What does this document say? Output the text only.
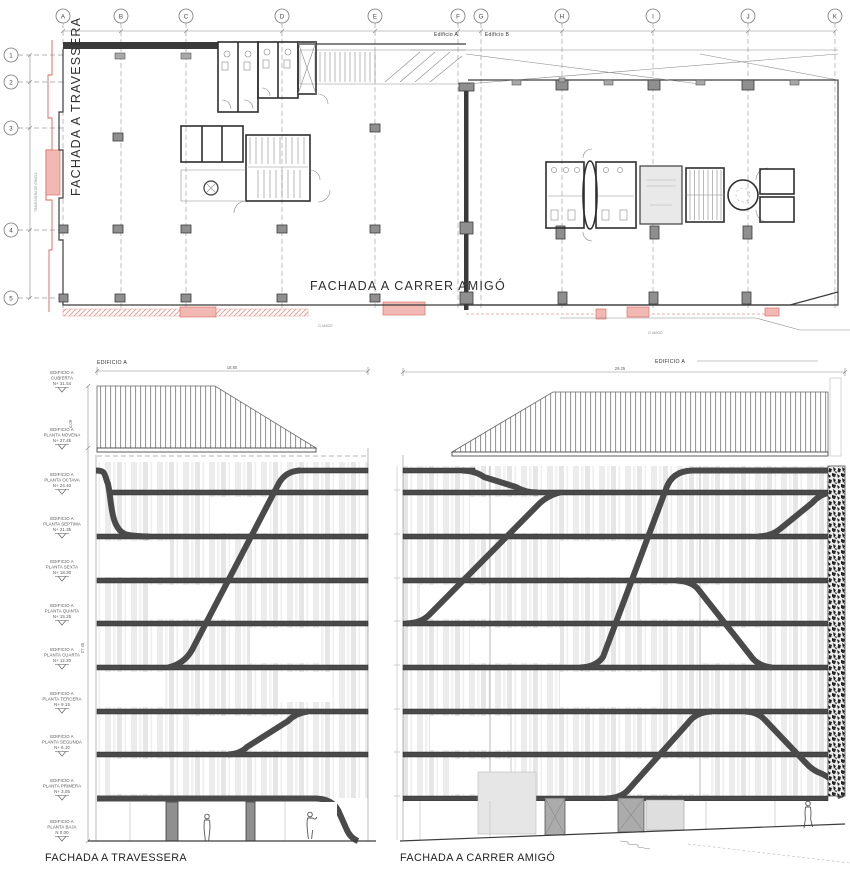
A	B	C	D	E	F	G	H	I	J	K
1
2
3
4
5
Edificio A	Edificio B
FACHADA A TRAVESSERA
FACHADA A CARRER AMIGÓ
TRAVESSERA DE GRÀCIA
C/ AMIGÓ
C/ AMIGÓ
EDIFICIO A
18.80
27.45
4.09
EDIFICIO A
29.25
EDIFICIO A
CUBIERTA
N+ 31.54
EDIFICIO A
PLANTA NOVENA
N+ 27.45
EDIFICIO A
PLANTA OCTAVA
N+ 24.40
EDIFICIO A
PLANTA SEPTIMA
N+ 21.35
EDIFICIO A
PLANTA SEXTA
N+ 18.30
EDIFICIO A
PLANTA QUINTA
N+ 15.25
EDIFICIO A
PLANTA CUARTA
N+ 12.20
EDIFICIO A
PLANTA TERCERA
N+ 9.15
EDIFICIO A
PLANTA SEGUNDA
N+ 6.10
EDIFICIO A
PLANTA PRIMERA
N+ 3.05
EDIFICIO A
PLANTA BAJA
N 0.00
FACHADA A TRAVESSERA	FACHADA A CARRER AMIGÓ
